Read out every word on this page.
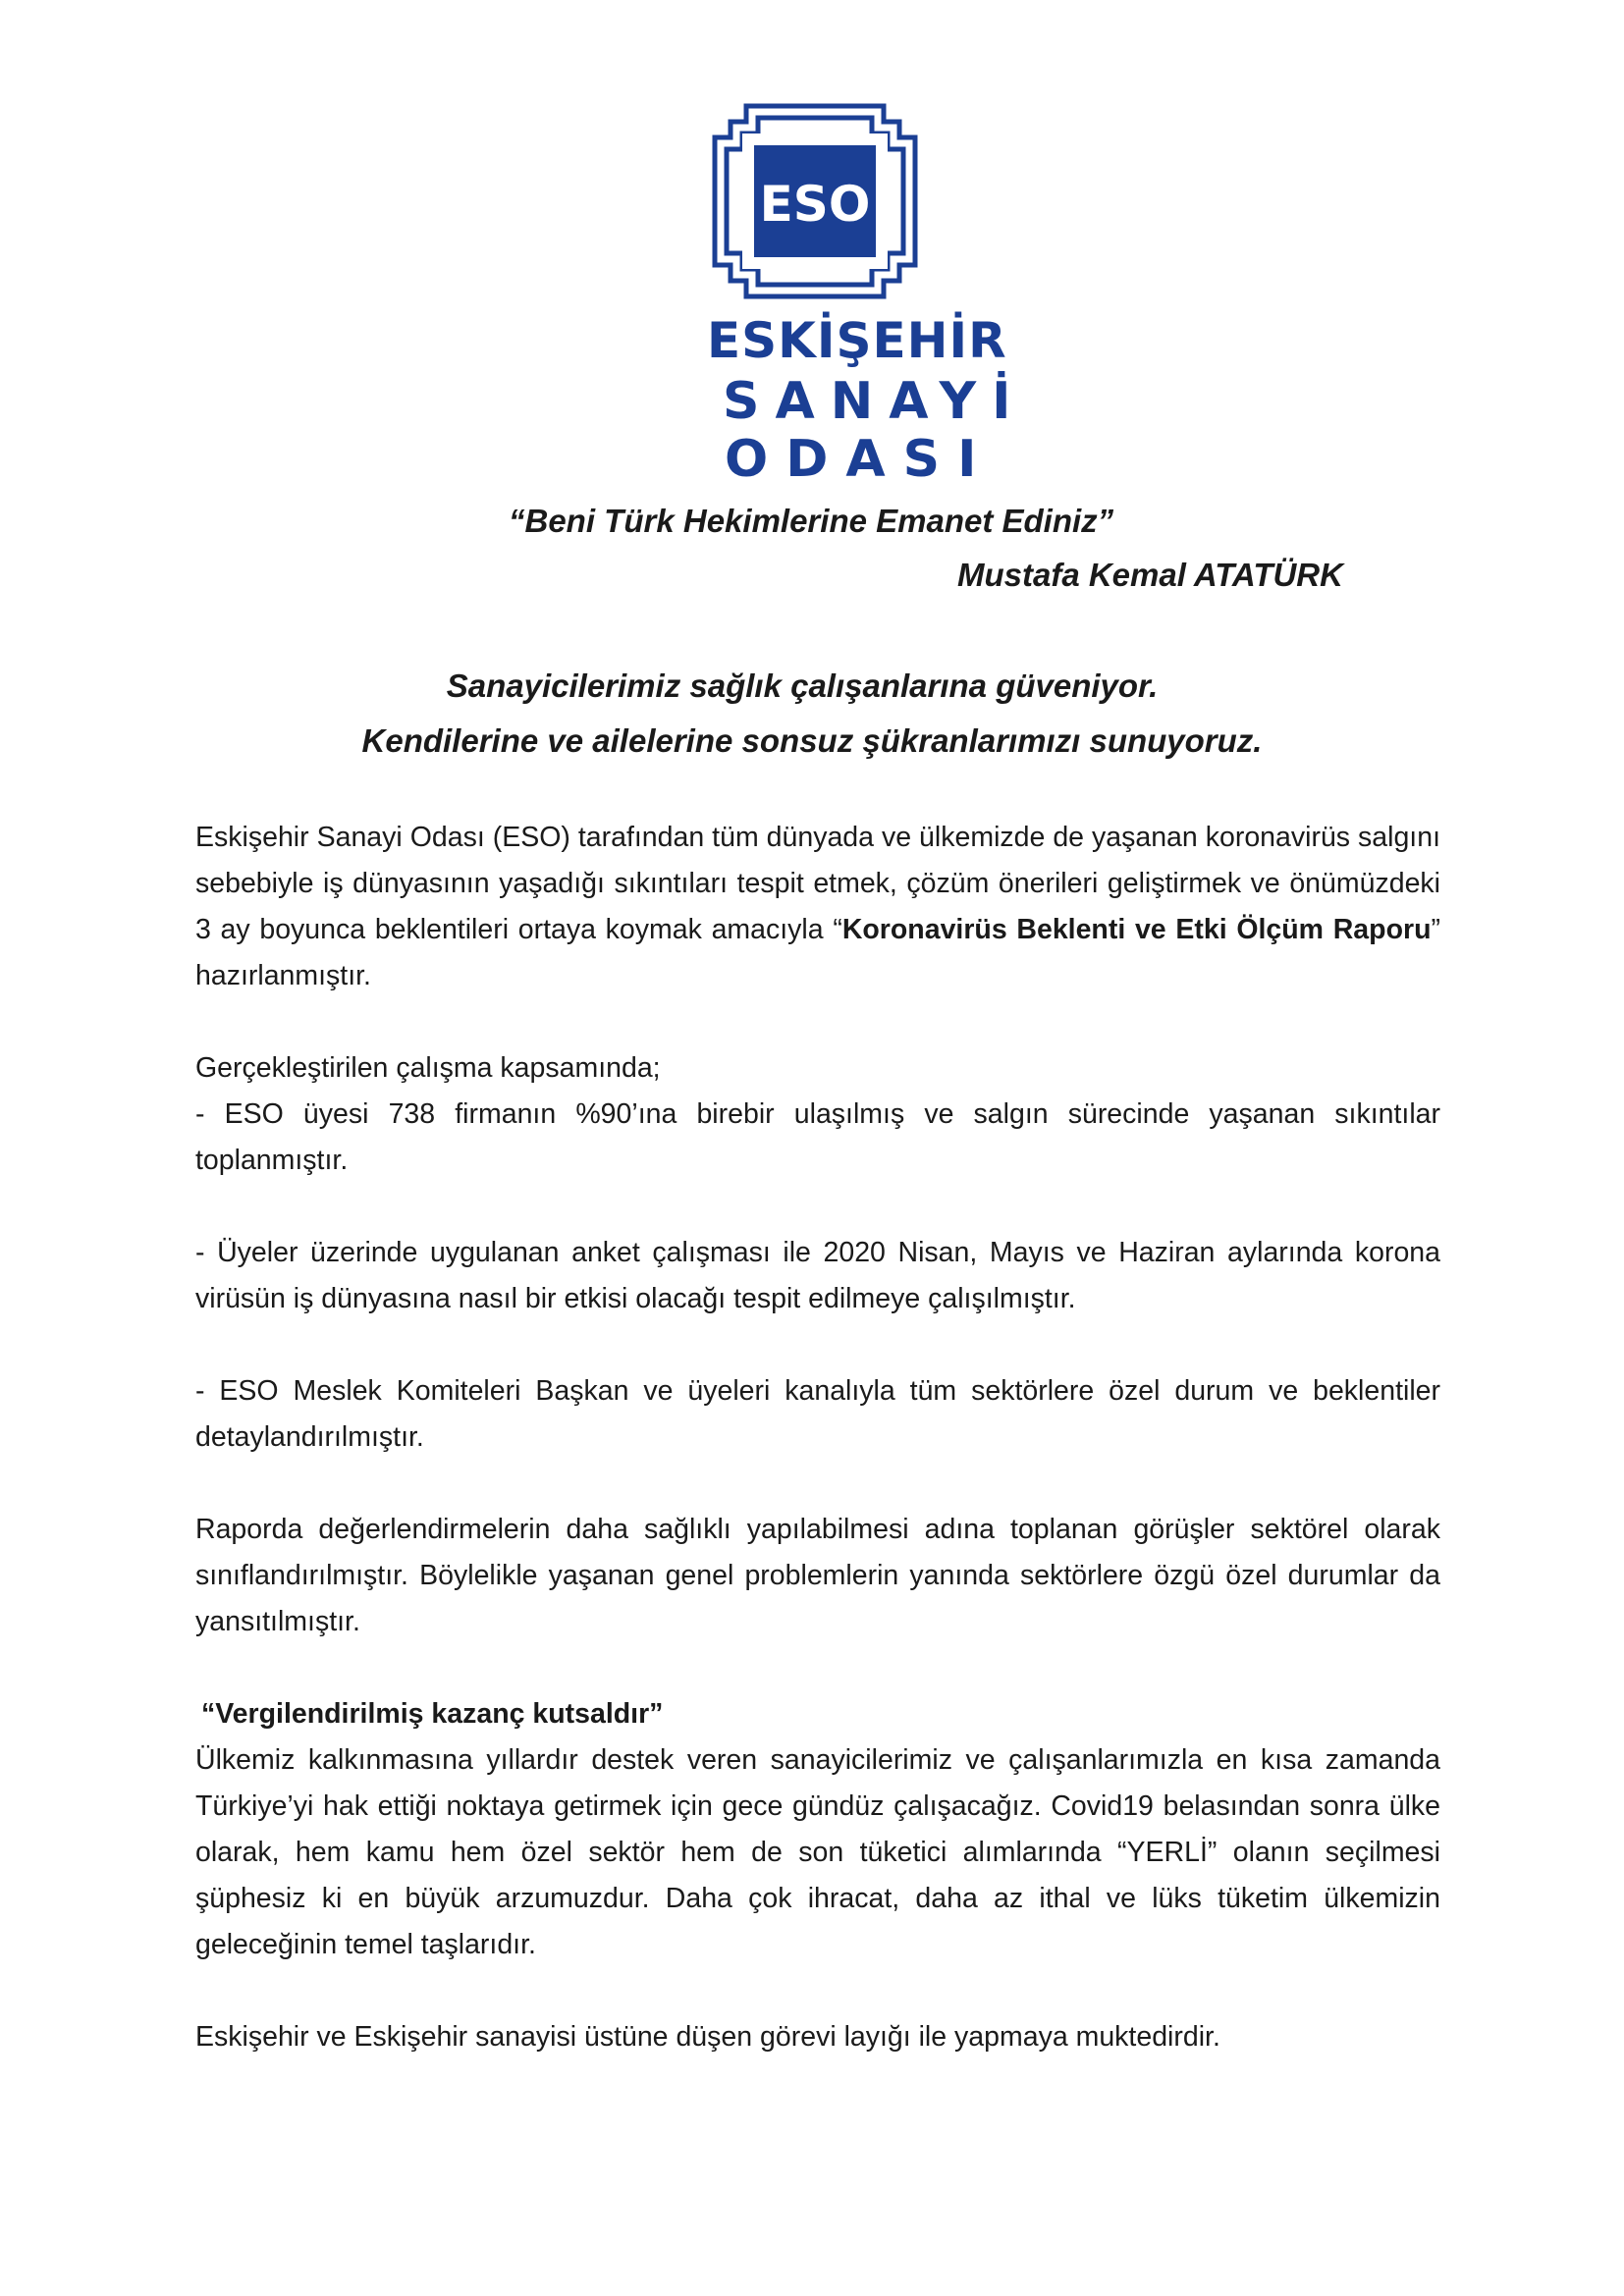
ESO
ESKİŞEHİR
SANAYİ
ODASI
“Beni Türk Hekimlerine Emanet Ediniz”
Mustafa Kemal ATATÜRK
Sanayicilerimiz sağlık çalışanlarına güveniyor.
Kendilerine ve ailelerine sonsuz şükranlarımızı sunuyoruz.

Eskişehir Sanayi Odası (ESO) tarafından tüm dünyada ve ülkemizde de yaşanan koronavirüs salgını sebebiyle iş dünyasının yaşadığı sıkıntıları tespit etmek, çözüm önerileri geliştirmek ve önümüzdeki 3 ay boyunca beklentileri ortaya koymak amacıyla “Koronavirüs Beklenti ve Etki Ölçüm Raporu” hazırlanmıştır.

Gerçekleştirilen çalışma kapsamında;

- ESO üyesi 738 firmanın %90’ına birebir ulaşılmış ve salgın sürecinde yaşanan sıkıntılar toplanmıştır.

- Üyeler üzerinde uygulanan anket çalışması ile 2020 Nisan, Mayıs ve Haziran aylarında korona virüsün iş dünyasına nasıl bir etkisi olacağı tespit edilmeye çalışılmıştır.

- ESO Meslek Komiteleri Başkan ve üyeleri kanalıyla tüm sektörlere özel durum ve beklentiler detaylandırılmıştır.

Raporda değerlendirmelerin daha sağlıklı yapılabilmesi adına toplanan görüşler sektörel olarak sınıflandırılmıştır. Böylelikle yaşanan genel problemlerin yanında sektörlere özgü özel durumlar da yansıtılmıştır.

“Vergilendirilmiş kazanç kutsaldır”

Ülkemiz kalkınmasına yıllardır destek veren sanayicilerimiz ve çalışanlarımızla en kısa zamanda Türkiye’yi hak ettiği noktaya getirmek için gece gündüz çalışacağız. Covid19 belasından sonra ülke olarak, hem kamu hem özel sektör hem de son tüketici alımlarında “YERLİ” olanın seçilmesi şüphesiz ki en büyük arzumuzdur. Daha çok ihracat, daha az ithal ve lüks tüketim ülkemizin geleceğinin temel taşlarıdır.

Eskişehir ve Eskişehir sanayisi üstüne düşen görevi layığı ile yapmaya muktedirdir.
